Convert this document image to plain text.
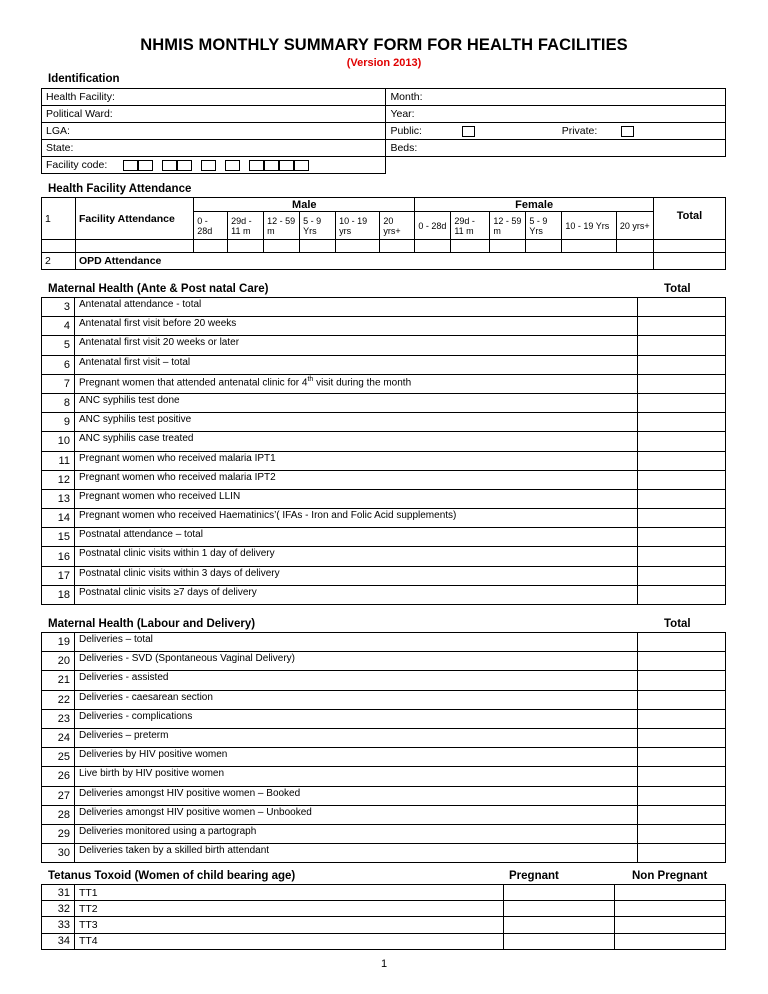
NHMIS MONTHLY SUMMARY FORM FOR HEALTH FACILITIES
(Version 2013)
Identification
Health Facility:	Month:		
Political Ward:	Year:		
LGA:	Public:		Private:
State:	Beds:		
Facility code:			
Health Facility Attendance
1	Facility Attendance	Male						Female						Total
		0 - 28d	29d - 11 m	12 - 59 m	5 - 9 Yrs	10 - 19 yrs	20 yrs+	0 - 28d	29d - 11 m	12 - 59 m	5 - 9 Yrs	10 - 19 Yrs	20 yrs+	

2	OPD Attendance													
Maternal Health (Ante & Post natal Care)	Total
3	Antenatal attendance - total	
4	Antenatal first visit before 20 weeks	
5	Antenatal first visit 20 weeks or later	
6	Antenatal first visit – total	
7	Pregnant women that attended antenatal clinic for 4th visit during the month	
8	ANC syphilis test done	
9	ANC syphilis test positive	
10	ANC syphilis case treated	
11	Pregnant women who received malaria IPT1	
12	Pregnant women who received malaria IPT2	
13	Pregnant women who received LLIN	
14	Pregnant women who received Haematinics’( IFAs - Iron and Folic Acid supplements)	
15	Postnatal attendance – total	
16	Postnatal clinic visits within 1 day of delivery	
17	Postnatal clinic visits within 3 days of delivery	
18	Postnatal clinic visits ≥7 days of delivery	
Maternal Health (Labour and Delivery)	Total
19	Deliveries – total	
20	Deliveries - SVD (Spontaneous Vaginal Delivery)	
21	Deliveries - assisted	
22	Deliveries - caesarean section	
23	Deliveries - complications	
24	Deliveries – preterm	
25	Deliveries by HIV positive women	
26	Live birth by HIV positive women	
27	Deliveries amongst HIV positive women – Booked	
28	Deliveries amongst HIV positive women – Unbooked	
29	Deliveries monitored using a partograph	
30	Deliveries taken by a skilled birth attendant	
Tetanus Toxoid (Women of child bearing age)	Pregnant	Non Pregnant
31	TT1		
32	TT2		
33	TT3		
34	TT4		
1
